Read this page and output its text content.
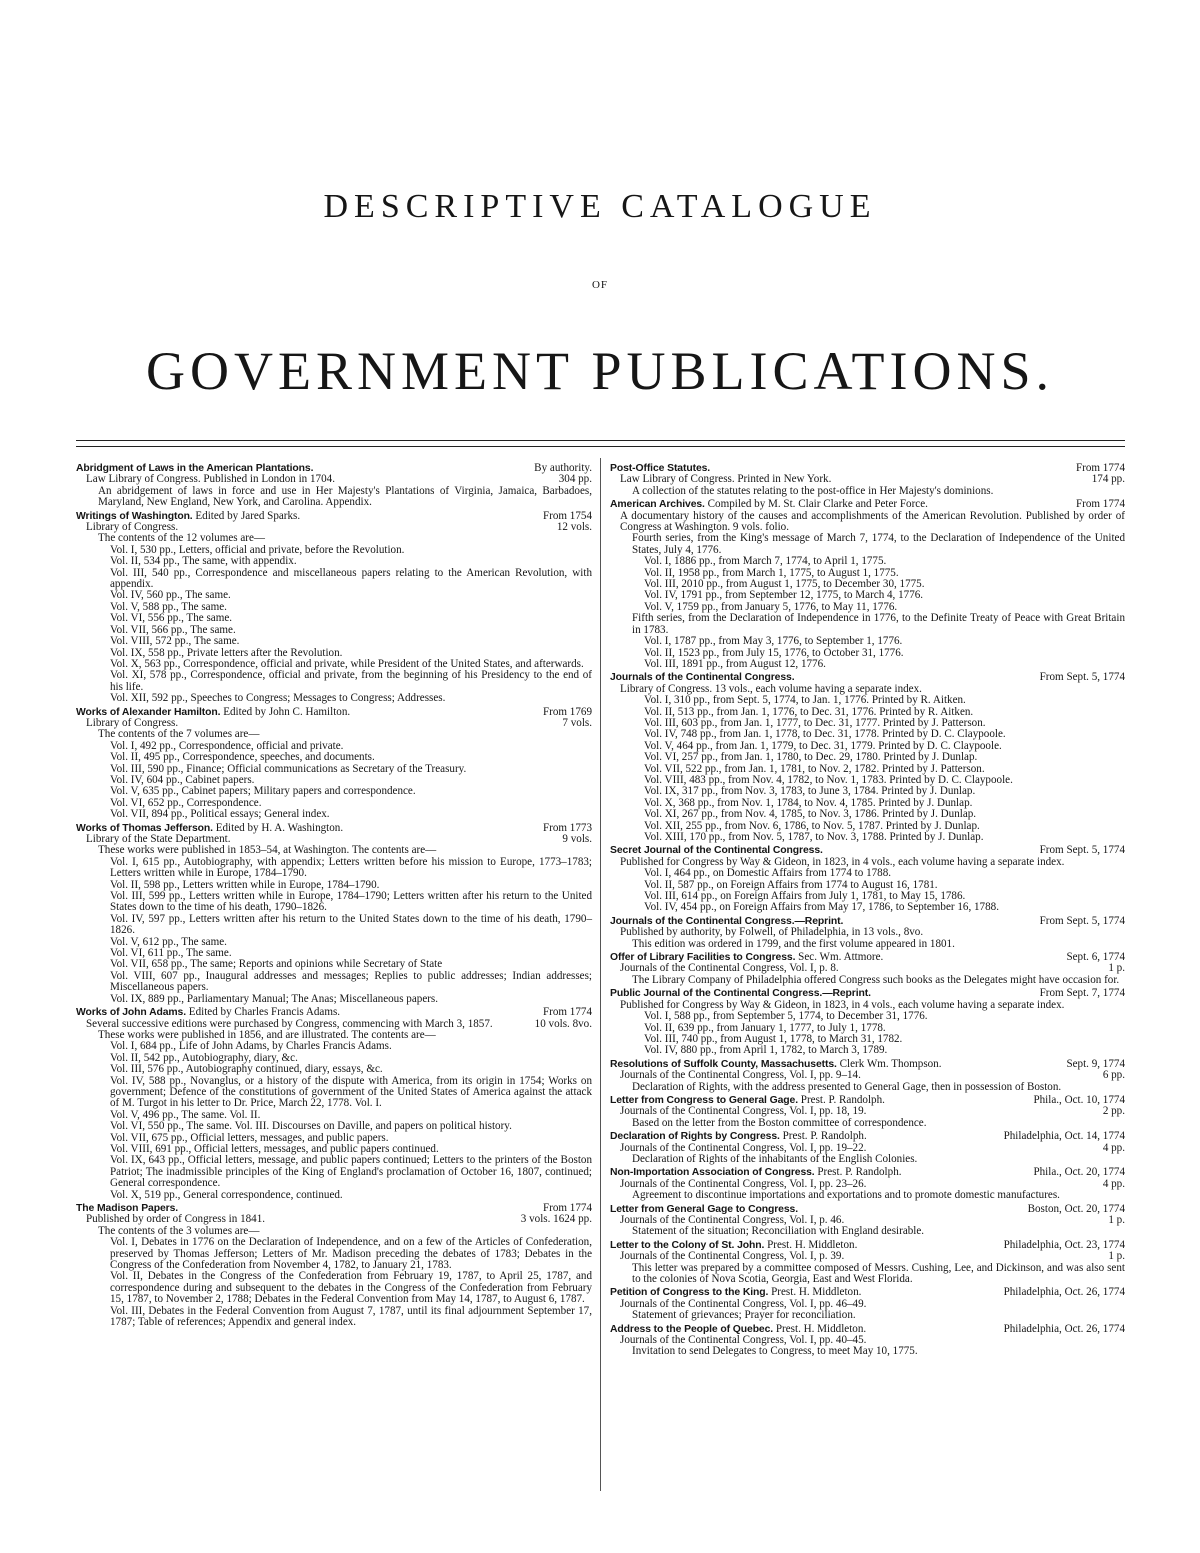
DESCRIPTIVE CATALOGUE
OF
GOVERNMENT PUBLICATIONS.
Abridgment of Laws in the American Plantations.	By authority.
Law Library of Congress. Published in London in 1704.	304 pp.
An abridgement of laws in force and use in Her Majesty's Plantations of Virginia, Jamaica, Barbadoes, Maryland, New England, New York, and Carolina. Appendix.
Writings of Washington. Edited by Jared Sparks.	From 1754
Library of Congress.	12 vols.
The contents of the 12 volumes are—
Vol. I, 530 pp., Letters, official and private, before the Revolution.
Vol. II, 534 pp., The same, with appendix.
Vol. III, 540 pp., Correspondence and miscellaneous papers relating to the American Revolution, with appendix.
Vol. IV, 560 pp., The same.
Vol. V, 588 pp., The same.
Vol. VI, 556 pp., The same.
Vol. VII, 566 pp., The same.
Vol. VIII, 572 pp., The same.
Vol. IX, 558 pp., Private letters after the Revolution.
Vol. X, 563 pp., Correspondence, official and private, while President of the United States, and afterwards.
Vol. XI, 578 pp., Correspondence, official and private, from the beginning of his Presidency to the end of his life.
Vol. XII, 592 pp., Speeches to Congress; Messages to Congress; Addresses.
Works of Alexander Hamilton. Edited by John C. Hamilton.	From 1769
Library of Congress.	7 vols.
The contents of the 7 volumes are—
Vol. I, 492 pp., Correspondence, official and private.
Vol. II, 495 pp., Correspondence, speeches, and documents.
Vol. III, 590 pp., Finance; Official communications as Secretary of the Treasury.
Vol. IV, 604 pp., Cabinet papers.
Vol. V, 635 pp., Cabinet papers; Military papers and correspondence.
Vol. VI, 652 pp., Correspondence.
Vol. VII, 894 pp., Political essays; General index.
Works of Thomas Jefferson. Edited by H. A. Washington.	From 1773
Library of the State Department.	9 vols.
These works were published in 1853–54, at Washington. The contents are—
Vol. I, 615 pp., Autobiography, with appendix; Letters written before his mission to Europe, 1773–1783; Letters written while in Europe, 1784–1790.
Vol. II, 598 pp., Letters written while in Europe, 1784–1790.
Vol. III, 599 pp., Letters written while in Europe, 1784–1790; Letters written after his return to the United States down to the time of his death, 1790–1826.
Vol. IV, 597 pp., Letters written after his return to the United States down to the time of his death, 1790–1826.
Vol. V, 612 pp., The same.
Vol. VI, 611 pp., The same.
Vol. VII, 658 pp., The same; Reports and opinions while Secretary of State
Vol. VIII, 607 pp., Inaugural addresses and messages; Replies to public addresses; Indian addresses; Miscellaneous papers.
Vol. IX, 889 pp., Parliamentary Manual; The Anas; Miscellaneous papers.
Works of John Adams. Edited by Charles Francis Adams.	From 1774
Several successive editions were purchased by Congress, commencing with March 3, 1857.	10 vols. 8vo.
These works were published in 1856, and are illustrated. The contents are—
Vol. I, 684 pp., Life of John Adams, by Charles Francis Adams.
Vol. II, 542 pp., Autobiography, diary, &c.
Vol. III, 576 pp., Autobiography continued, diary, essays, &c.
Vol. IV, 588 pp., Novanglus, or a history of the dispute with America, from its origin in 1754; Works on government; Defence of the constitutions of government of the United States of America against the attack of M. Turgot in his letter to Dr. Price, March 22, 1778. Vol. I.
Vol. V, 496 pp., The same. Vol. II.
Vol. VI, 550 pp., The same. Vol. III. Discourses on Daville, and papers on political history.
Vol. VII, 675 pp., Official letters, messages, and public papers.
Vol. VIII, 691 pp., Official letters, messages, and public papers continued.
Vol. IX, 643 pp., Official letters, message, and public papers continued; Letters to the printers of the Boston Patriot; The inadmissible principles of the King of England's proclamation of October 16, 1807, continued; General correspondence.
Vol. X, 519 pp., General correspondence, continued.
The Madison Papers.	From 1774
Published by order of Congress in 1841.	3 vols. 1624 pp.
The contents of the 3 volumes are—
Vol. I, Debates in 1776 on the Declaration of Independence, and on a few of the Articles of Confederation, preserved by Thomas Jefferson; Letters of Mr. Madison preceding the debates of 1783; Debates in the Congress of the Confederation from November 4, 1782, to January 21, 1783.
Vol. II, Debates in the Congress of the Confederation from February 19, 1787, to April 25, 1787, and correspondence during and subsequent to the debates in the Congress of the Confederation from February 15, 1787, to November 2, 1788; Debates in the Federal Convention from May 14, 1787, to August 6, 1787.
Vol. III, Debates in the Federal Convention from August 7, 1787, until its final adjournment September 17, 1787; Table of references; Appendix and general index.
Post-Office Statutes.	From 1774
Law Library of Congress. Printed in New York.	174 pp.
A collection of the statutes relating to the post-office in Her Majesty's dominions.
American Archives. Compiled by M. St. Clair Clarke and Peter Force.	From 1774
A documentary history of the causes and accomplishments of the American Revolution. Published by order of Congress at Washington. 9 vols. folio.
Fourth series, from the King's message of March 7, 1774, to the Declaration of Independence of the United States, July 4, 1776.
Vol. I, 1886 pp., from March 7, 1774, to April 1, 1775.
Vol. II, 1958 pp., from March 1, 1775, to August 1, 1775.
Vol. III, 2010 pp., from August 1, 1775, to December 30, 1775.
Vol. IV, 1791 pp., from September 12, 1775, to March 4, 1776.
Vol. V, 1759 pp., from January 5, 1776, to May 11, 1776.
Fifth series, from the Declaration of Independence in 1776, to the Definite Treaty of Peace with Great Britain in 1783.
Vol. I, 1787 pp., from May 3, 1776, to September 1, 1776.
Vol. II, 1523 pp., from July 15, 1776, to October 31, 1776.
Vol. III, 1891 pp., from August 12, 1776.
Journals of the Continental Congress.	From Sept. 5, 1774
Library of Congress. 13 vols., each volume having a separate index.
Vol. I, 310 pp., from Sept. 5, 1774, to Jan. 1, 1776. Printed by R. Aitken.
Vol. II, 513 pp., from Jan. 1, 1776, to Dec. 31, 1776. Printed by R. Aitken.
Vol. III, 603 pp., from Jan. 1, 1777, to Dec. 31, 1777. Printed by J. Patterson.
Vol. IV, 748 pp., from Jan. 1, 1778, to Dec. 31, 1778. Printed by D. C. Claypoole.
Vol. V, 464 pp., from Jan. 1, 1779, to Dec. 31, 1779. Printed by D. C. Claypoole.
Vol. VI, 257 pp., from Jan. 1, 1780, to Dec. 29, 1780. Printed by J. Dunlap.
Vol. VII, 522 pp., from Jan. 1, 1781, to Nov. 2, 1782. Printed by J. Patterson.
Vol. VIII, 483 pp., from Nov. 4, 1782, to Nov. 1, 1783. Printed by D. C. Claypoole.
Vol. IX, 317 pp., from Nov. 3, 1783, to June 3, 1784. Printed by J. Dunlap.
Vol. X, 368 pp., from Nov. 1, 1784, to Nov. 4, 1785. Printed by J. Dunlap.
Vol. XI, 267 pp., from Nov. 4, 1785, to Nov. 3, 1786. Printed by J. Dunlap.
Vol. XII, 255 pp., from Nov. 6, 1786, to Nov. 5, 1787. Printed by J. Dunlap.
Vol. XIII, 170 pp., from Nov. 5, 1787, to Nov. 3, 1788. Printed by J. Dunlap.
Secret Journal of the Continental Congress.	From Sept. 5, 1774
Published for Congress by Way & Gideon, in 1823, in 4 vols., each volume having a separate index.
Vol. I, 464 pp., on Domestic Affairs from 1774 to 1788.
Vol. II, 587 pp., on Foreign Affairs from 1774 to August 16, 1781.
Vol. III, 614 pp., on Foreign Affairs from July 1, 1781, to May 15, 1786.
Vol. IV, 454 pp., on Foreign Affairs from May 17, 1786, to September 16, 1788.
Journals of the Continental Congress.—Reprint.	From Sept. 5, 1774
Published by authority, by Folwell, of Philadelphia, in 13 vols., 8vo.
This edition was ordered in 1799, and the first volume appeared in 1801.
Offer of Library Facilities to Congress. Sec. Wm. Attmore.	Sept. 6, 1774
Journals of the Continental Congress, Vol. I, p. 8.	1 p.
The Library Company of Philadelphia offered Congress such books as the Delegates might have occasion for.
Public Journal of the Continental Congress.—Reprint.	From Sept. 7, 1774
Published for Congress by Way & Gideon, in 1823, in 4 vols., each volume having a separate index.
Vol. I, 588 pp., from September 5, 1774, to December 31, 1776.
Vol. II, 639 pp., from January 1, 1777, to July 1, 1778.
Vol. III, 740 pp., from August 1, 1778, to March 31, 1782.
Vol. IV, 880 pp., from April 1, 1782, to March 3, 1789.
Resolutions of Suffolk County, Massachusetts. Clerk Wm. Thompson.	Sept. 9, 1774
Journals of the Continental Congress, Vol. I, pp. 9–14.	6 pp.
Declaration of Rights, with the address presented to General Gage, then in possession of Boston.
Letter from Congress to General Gage. Prest. P. Randolph.	Phila., Oct. 10, 1774
Journals of the Continental Congress, Vol. I, pp. 18, 19.	2 pp.
Based on the letter from the Boston committee of correspondence.
Declaration of Rights by Congress. Prest. P. Randolph.	Philadelphia, Oct. 14, 1774
Journals of the Continental Congress, Vol. I, pp. 19–22.	4 pp.
Declaration of Rights of the inhabitants of the English Colonies.
Non-Importation Association of Congress. Prest. P. Randolph.	Phila., Oct. 20, 1774
Journals of the Continental Congress, Vol. I, pp. 23–26.	4 pp.
Agreement to discontinue importations and exportations and to promote domestic manufactures.
Letter from General Gage to Congress.	Boston, Oct. 20, 1774
Journals of the Continental Congress, Vol. I, p. 46.	1 p.
Statement of the situation; Reconciliation with England desirable.
Letter to the Colony of St. John. Prest. H. Middleton.	Philadelphia, Oct. 23, 1774
Journals of the Continental Congress, Vol. I, p. 39.	1 p.
This letter was prepared by a committee composed of Messrs. Cushing, Lee, and Dickinson, and was also sent to the colonies of Nova Scotia, Georgia, East and West Florida.
Petition of Congress to the King. Prest. H. Middleton.	Philadelphia, Oct. 26, 1774
Journals of the Continental Congress, Vol. I, pp. 46–49.
Statement of grievances; Prayer for reconciliation.
Address to the People of Quebec. Prest. H. Middleton.	Philadelphia, Oct. 26, 1774
Journals of the Continental Congress, Vol. I, pp. 40–45.
Invitation to send Delegates to Congress, to meet May 10, 1775.
